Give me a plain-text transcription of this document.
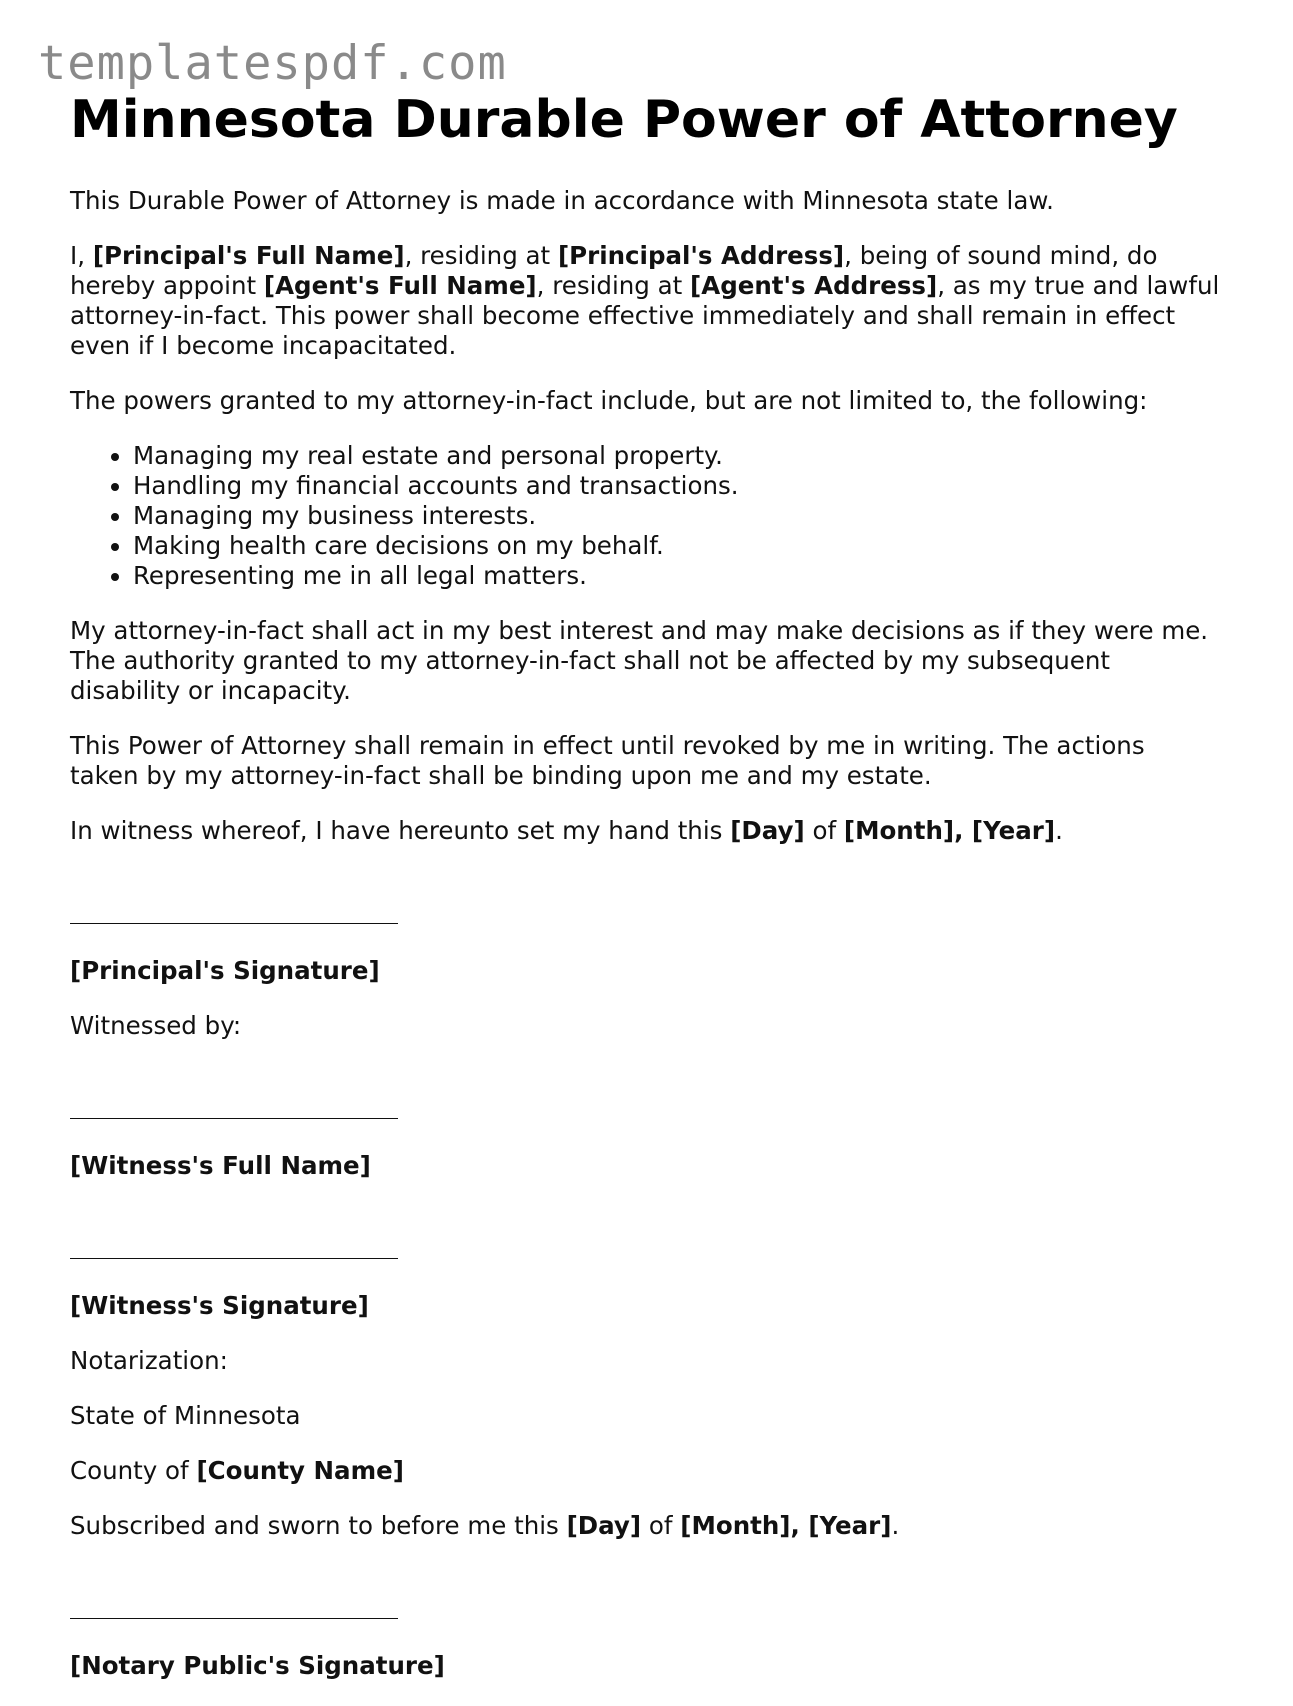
templatespdf.com
Minnesota Durable Power of Attorney

This Durable Power of Attorney is made in accordance with Minnesota state law.

I, [Principal's Full Name], residing at [Principal's Address], being of sound mind, do hereby appoint [Agent's Full Name], residing at [Agent's Address], as my true and lawful attorney-in-fact. This power shall become effective immediately and shall remain in effect even if I become incapacitated.

The powers granted to my attorney-in-fact include, but are not limited to, the following:

• Managing my real estate and personal property.
• Handling my financial accounts and transactions.
• Managing my business interests.
• Making health care decisions on my behalf.
• Representing me in all legal matters.

My attorney-in-fact shall act in my best interest and may make decisions as if they were me. The authority granted to my attorney-in-fact shall not be affected by my subsequent disability or incapacity.

This Power of Attorney shall remain in effect until revoked by me in writing. The actions taken by my attorney-in-fact shall be binding upon me and my estate.

In witness whereof, I have hereunto set my hand this [Day] of [Month], [Year].

[Principal's Signature]

Witnessed by:

[Witness's Full Name]

[Witness's Signature]

Notarization:

State of Minnesota

County of [County Name]

Subscribed and sworn to before me this [Day] of [Month], [Year].

[Notary Public's Signature]
